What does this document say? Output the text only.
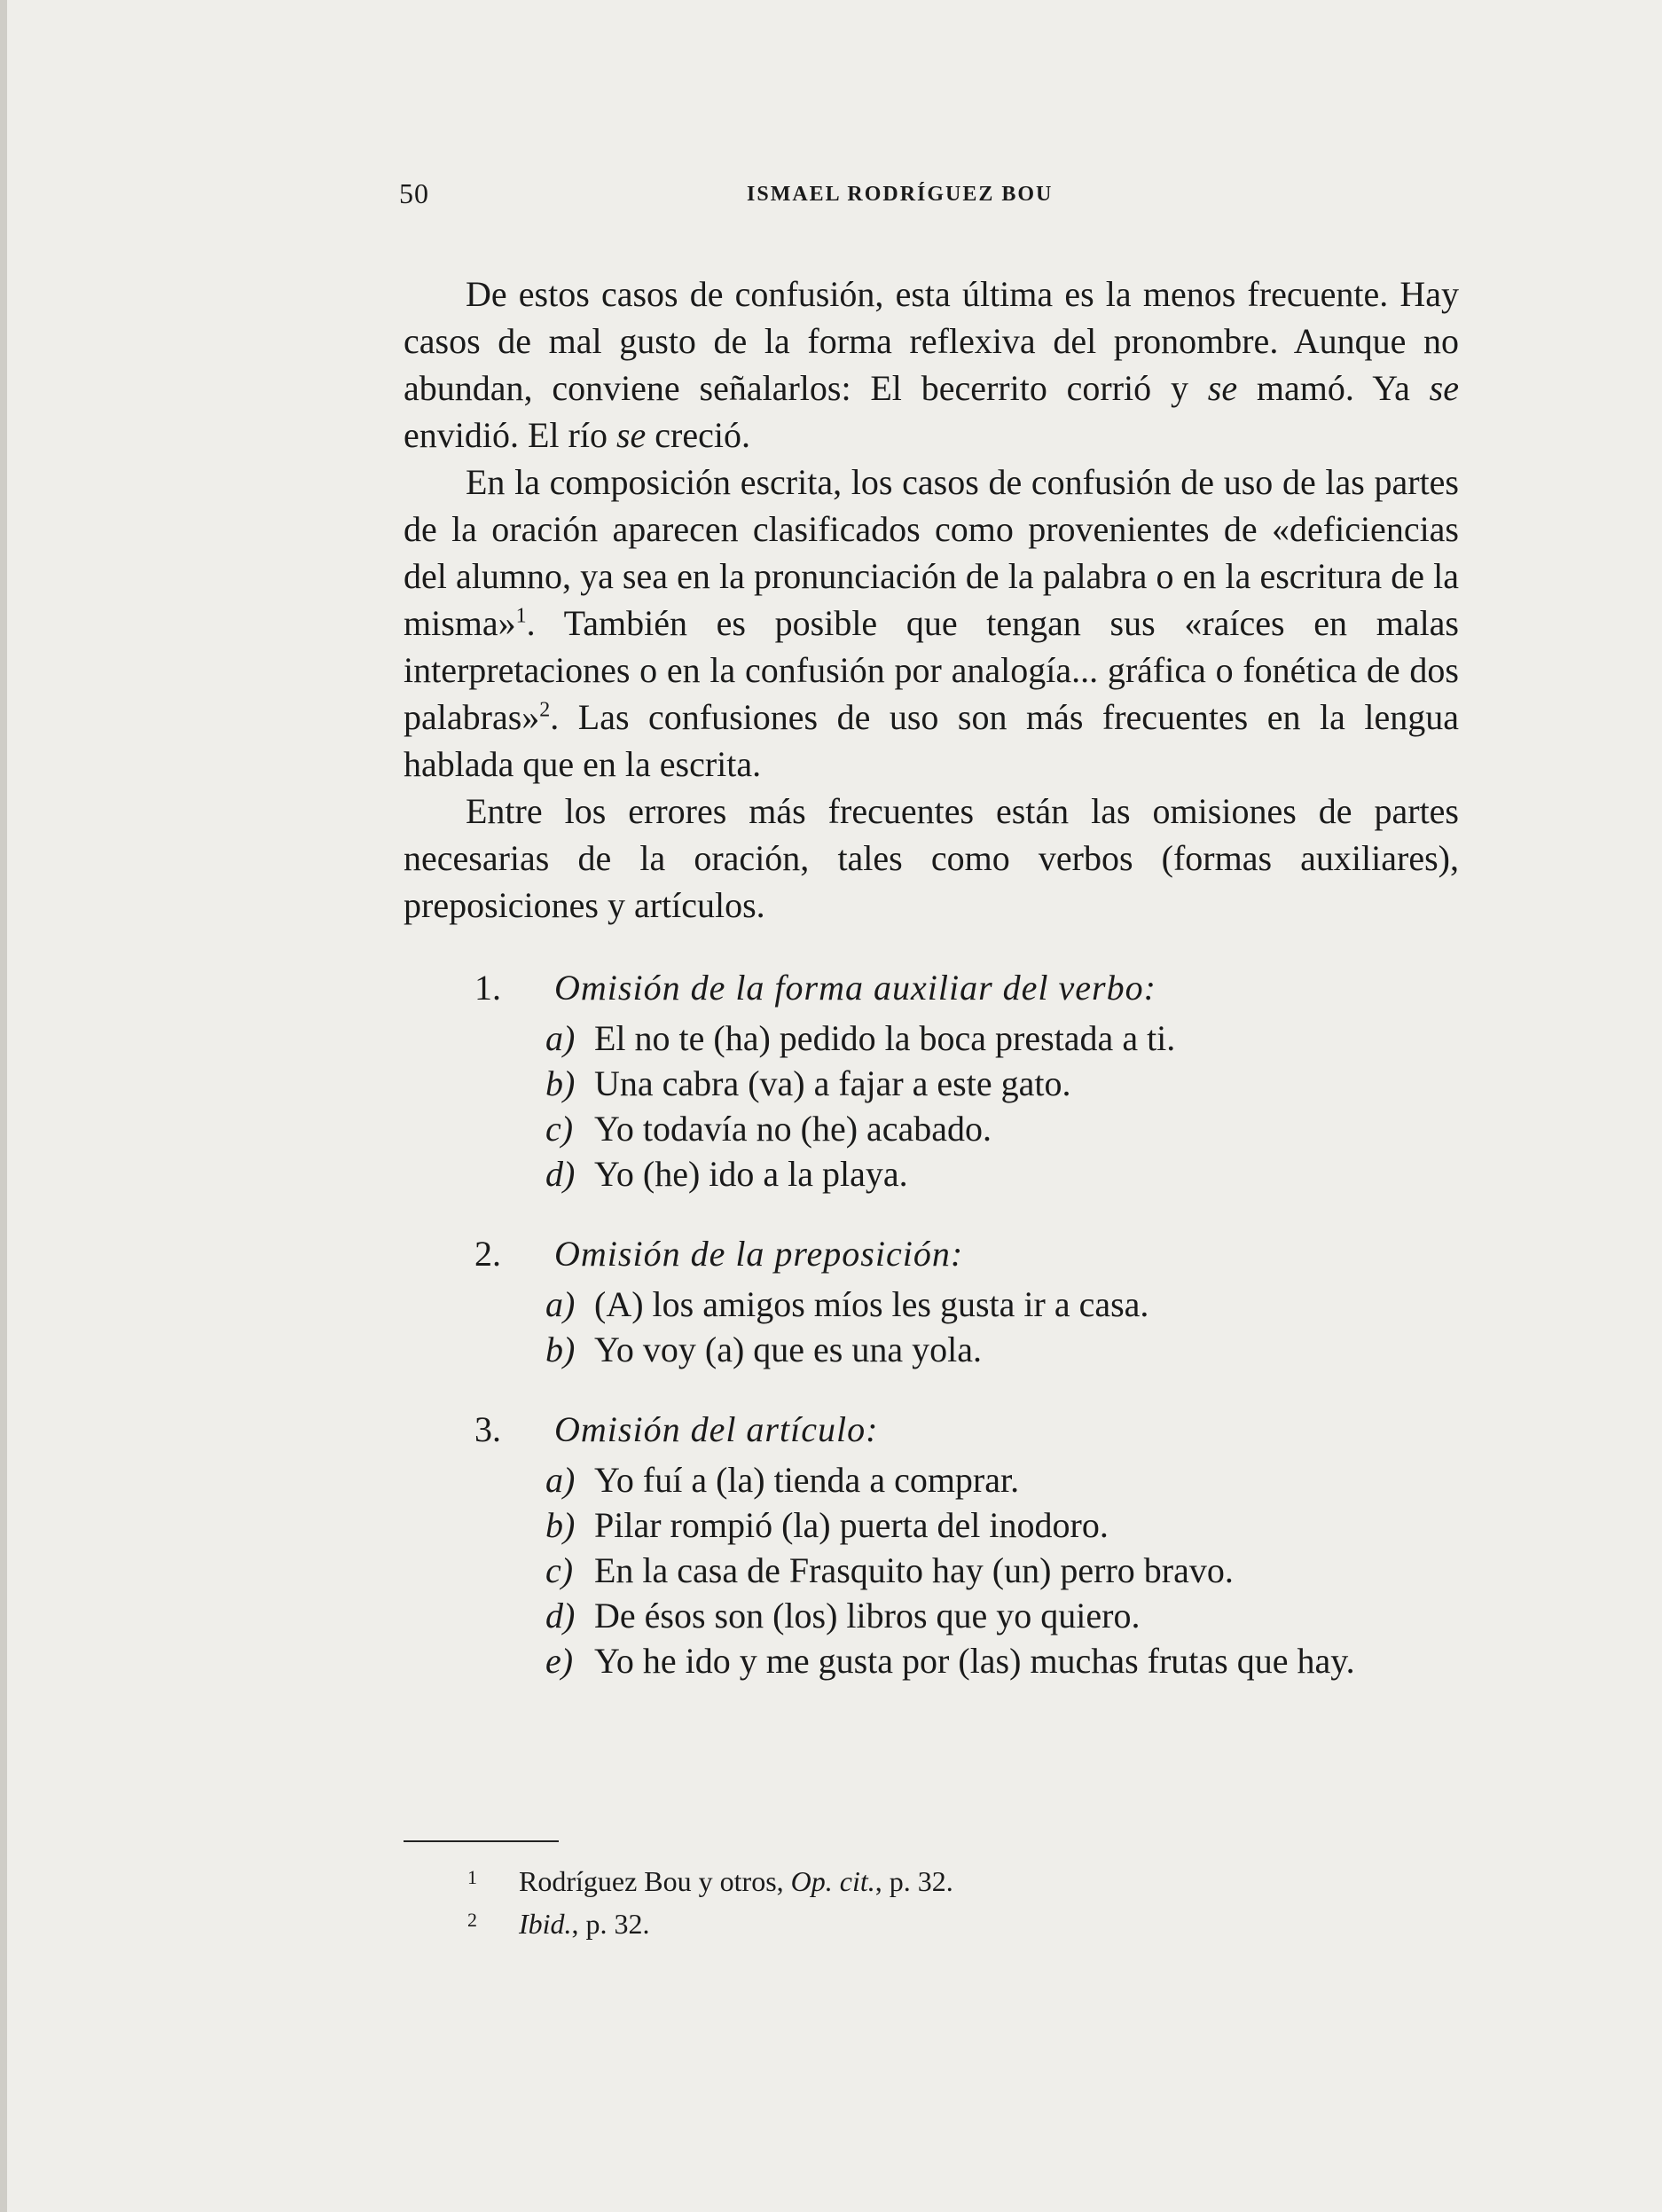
50	ISMAEL RODRÍGUEZ BOU

De estos casos de confusión, esta última es la menos frecuente. Hay casos de mal gusto de la forma reflexiva del pronombre. Aunque no abundan, conviene señalarlos: El becerrito corrió y se mamó. Ya se envidió. El río se creció.

En la composición escrita, los casos de confusión de uso de las partes de la oración aparecen clasificados como provenientes de «deficiencias del alumno, ya sea en la pronunciación de la palabra o en la escritura de la misma»$^1$. También es posible que tengan sus «raíces en malas interpretaciones o en la confusión por analogía... gráfica o fonética de dos palabras»$^2$. Las confusiones de uso son más frecuentes en la lengua hablada que en la escrita.

Entre los errores más frecuentes están las omisiones de partes necesarias de la oración, tales como verbos (formas auxiliares), preposiciones y artículos.

1.	Omisión de la forma auxiliar del verbo:
a) El no te (ha) pedido la boca prestada a ti.
b) Una cabra (va) a fajar a este gato.
c) Yo todavía no (he) acabado.
d) Yo (he) ido a la playa.
2.	Omisión de la preposición:
a) (A) los amigos míos les gusta ir a casa.
b) Yo voy (a) que es una yola.
3.	Omisión del artículo:
a) Yo fuí a (la) tienda a comprar.
b) Pilar rompió (la) puerta del inodoro.
c) En la casa de Frasquito hay (un) perro bravo.
d) De ésos son (los) libros que yo quiero.
e) Yo he ido y me gusta por (las) muchas frutas que hay.
1	Rodríguez Bou y otros, Op. cit., p. 32.
2	Ibid., p. 32.
